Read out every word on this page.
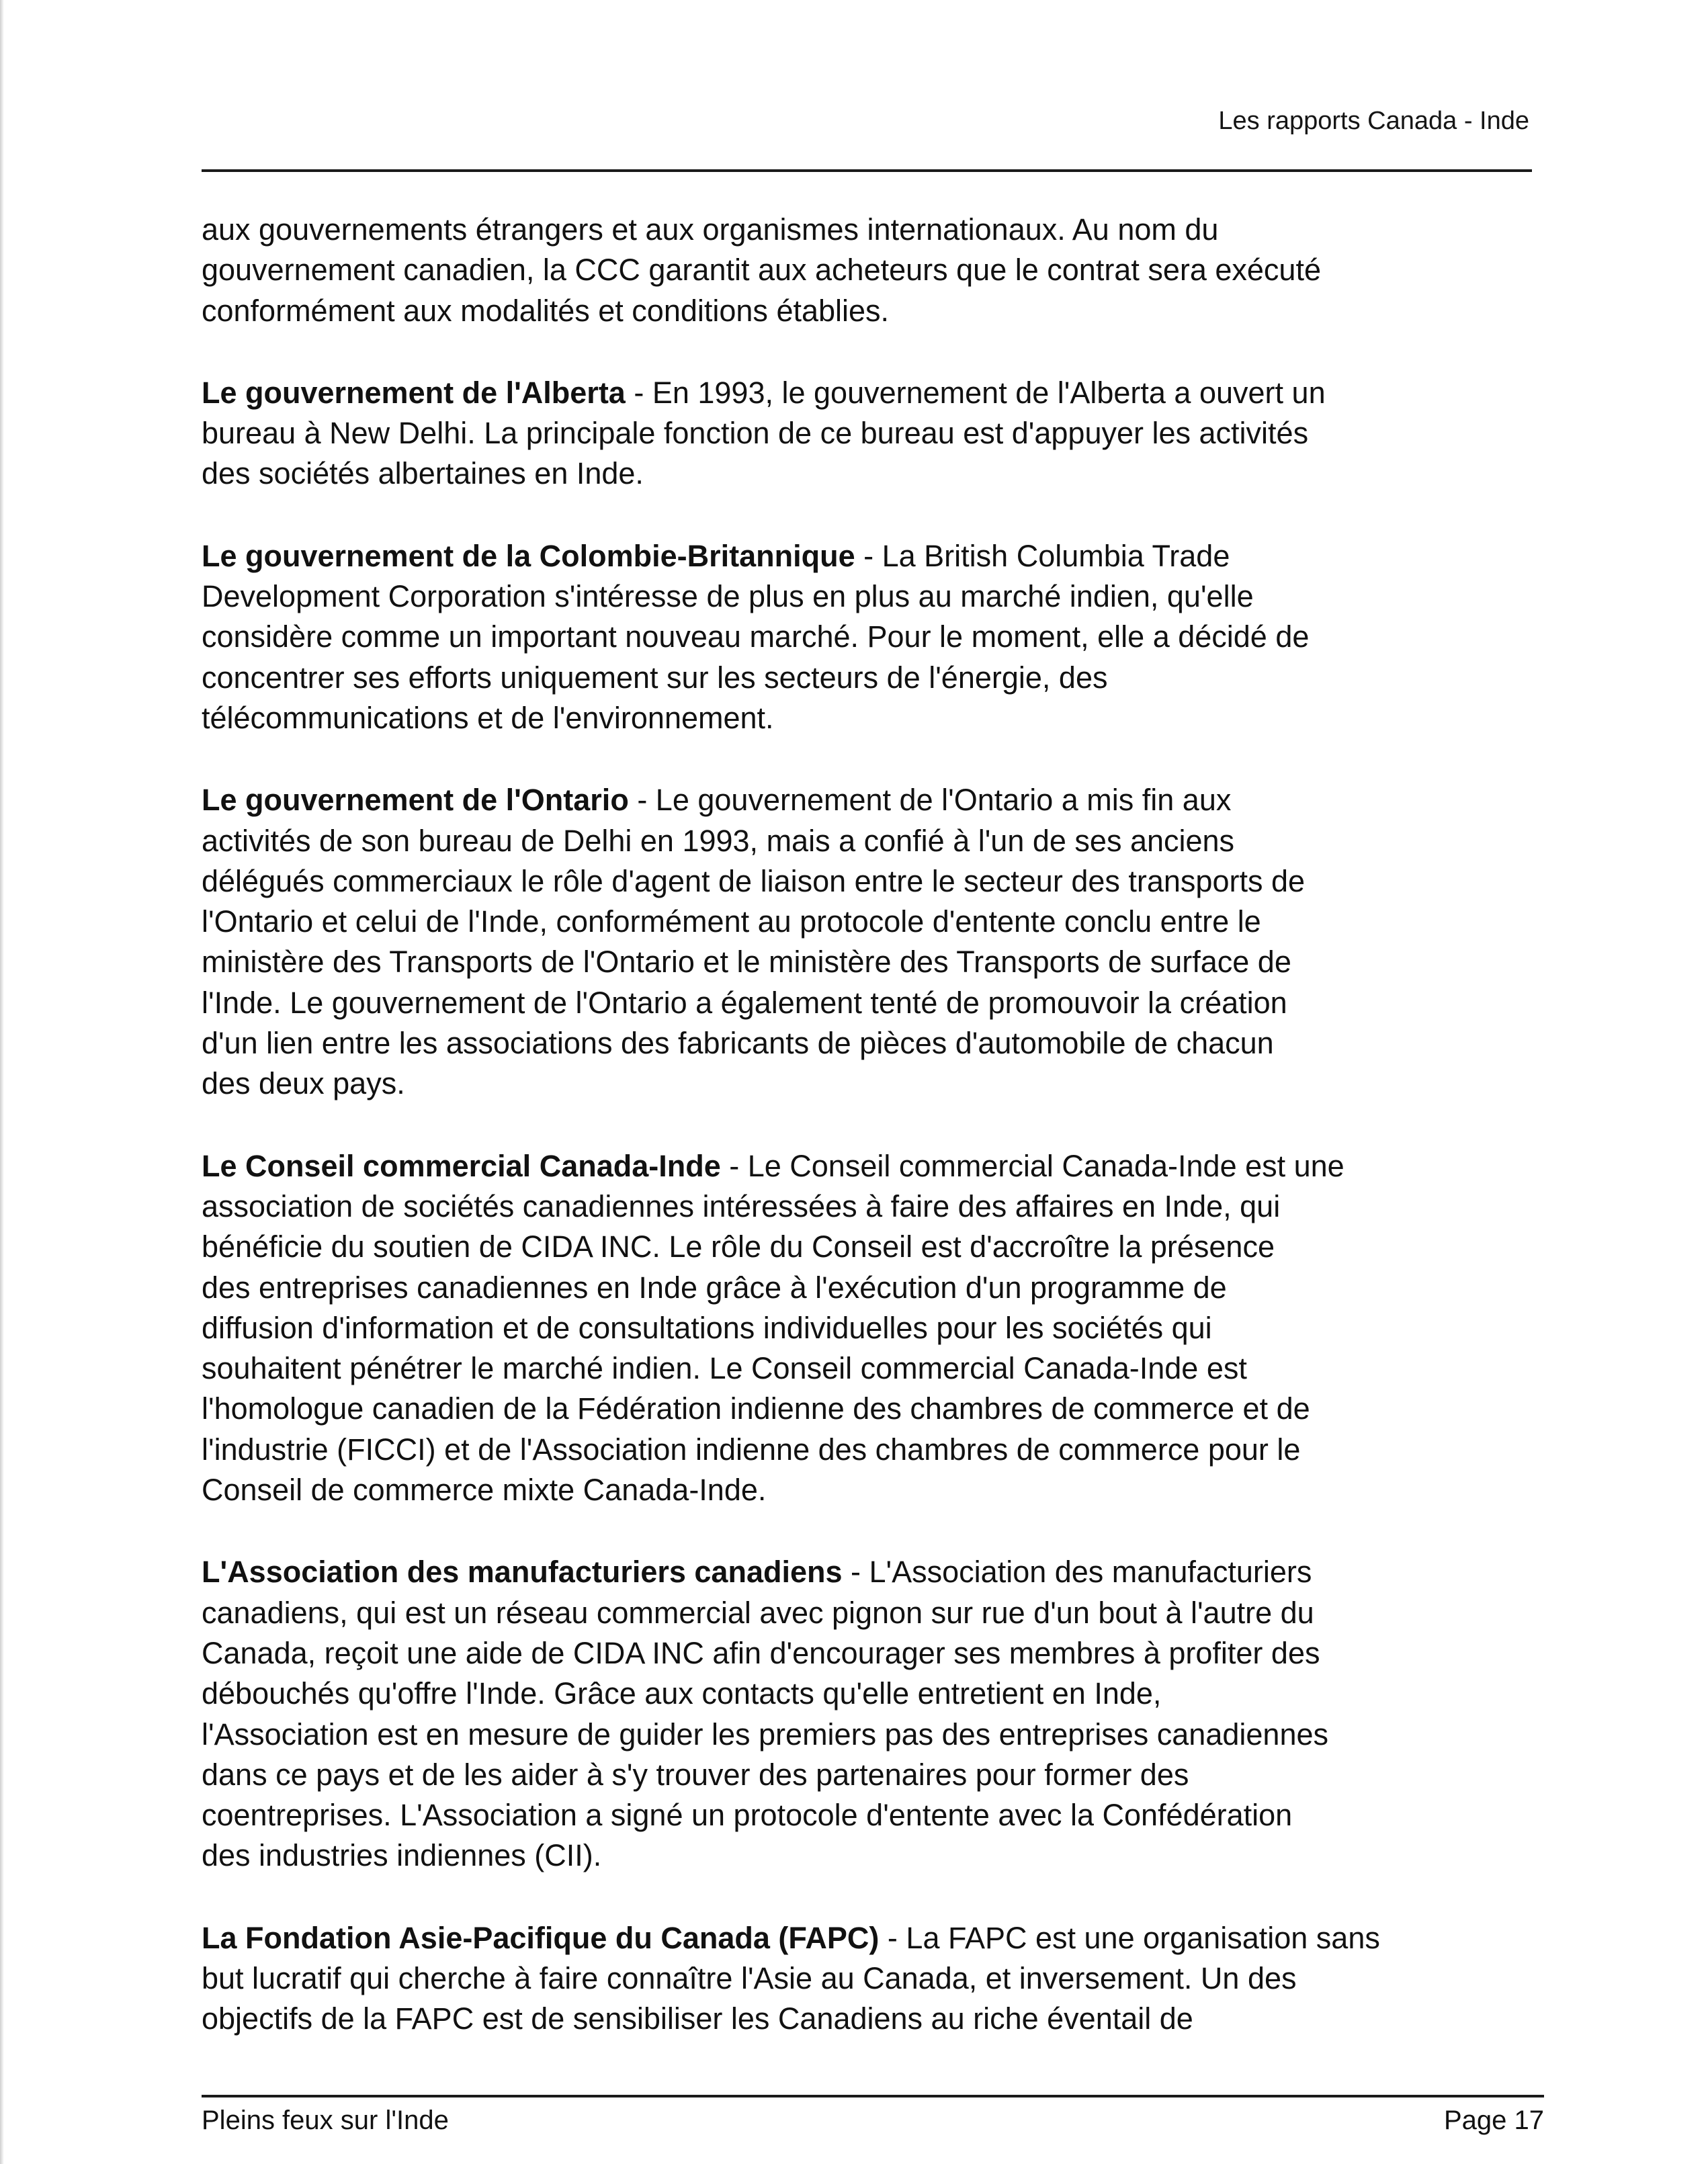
Les rapports Canada - Inde

aux gouvernements étrangers et aux organismes internationaux. Au nom du
gouvernement canadien, la CCC garantit aux acheteurs que le contrat sera exécuté
conformément aux modalités et conditions établies.

Le gouvernement de l'Alberta - En 1993, le gouvernement de l'Alberta a ouvert un
bureau à New Delhi. La principale fonction de ce bureau est d'appuyer les activités
des sociétés albertaines en Inde.

Le gouvernement de la Colombie-Britannique - La British Columbia Trade
Development Corporation s'intéresse de plus en plus au marché indien, qu'elle
considère comme un important nouveau marché. Pour le moment, elle a décidé de
concentrer ses efforts uniquement sur les secteurs de l'énergie, des
télécommunications et de l'environnement.

Le gouvernement de l'Ontario - Le gouvernement de l'Ontario a mis fin aux
activités de son bureau de Delhi en 1993, mais a confié à l'un de ses anciens
délégués commerciaux le rôle d'agent de liaison entre le secteur des transports de
l'Ontario et celui de l'Inde, conformément au protocole d'entente conclu entre le
ministère des Transports de l'Ontario et le ministère des Transports de surface de
l'Inde. Le gouvernement de l'Ontario a également tenté de promouvoir la création
d'un lien entre les associations des fabricants de pièces d'automobile de chacun
des deux pays.

Le Conseil commercial Canada-Inde - Le Conseil commercial Canada-Inde est une
association de sociétés canadiennes intéressées à faire des affaires en Inde, qui
bénéficie du soutien de CIDA INC. Le rôle du Conseil est d'accroître la présence
des entreprises canadiennes en Inde grâce à l'exécution d'un programme de
diffusion d'information et de consultations individuelles pour les sociétés qui
souhaitent pénétrer le marché indien. Le Conseil commercial Canada-Inde est
l'homologue canadien de la Fédération indienne des chambres de commerce et de
l'industrie (FICCI) et de l'Association indienne des chambres de commerce pour le
Conseil de commerce mixte Canada-Inde.

L'Association des manufacturiers canadiens - L'Association des manufacturiers
canadiens, qui est un réseau commercial avec pignon sur rue d'un bout à l'autre du
Canada, reçoit une aide de CIDA INC afin d'encourager ses membres à profiter des
débouchés qu'offre l'Inde. Grâce aux contacts qu'elle entretient en Inde,
l'Association est en mesure de guider les premiers pas des entreprises canadiennes
dans ce pays et de les aider à s'y trouver des partenaires pour former des
coentreprises. L'Association a signé un protocole d'entente avec la Confédération
des industries indiennes (CII).

La Fondation Asie-Pacifique du Canada (FAPC) - La FAPC est une organisation sans
but lucratif qui cherche à faire connaître l'Asie au Canada, et inversement. Un des
objectifs de la FAPC est de sensibiliser les Canadiens au riche éventail de

Pleins feux sur l'Inde	Page 17
